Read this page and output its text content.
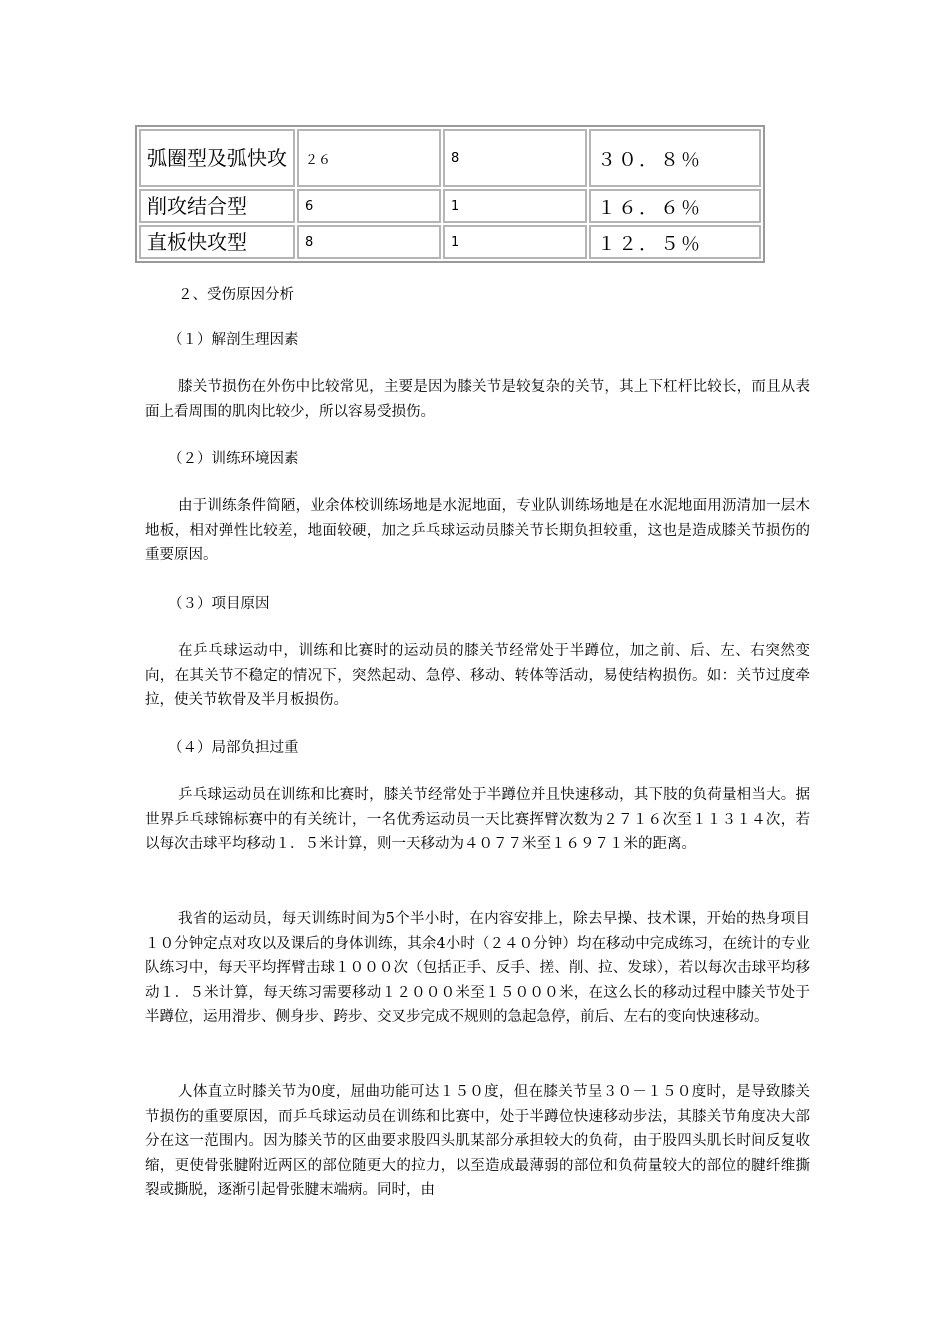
弧圈型及弧快攻	２６	8	３０．８％
削攻结合型	6	1	１６．６％
直板快攻型	8	1	１２．５％
２、受伤原因分析
（１）解剖生理因素
膝关节损伤在外伤中比较常见，主要是因为膝关节是较复杂的关节，其上下杠杆比较长，而且从表面上看周围的肌肉比较少，所以容易受损伤。
（２）训练环境因素
由于训练条件简陋，业余体校训练场地是水泥地面，专业队训练场地是在水泥地面用沥清加一层木地板，相对弹性比较差，地面较硬，加之乒乓球运动员膝关节长期负担较重，这也是造成膝关节损伤的重要原因。
（３）项目原因
在乒乓球运动中，训练和比赛时的运动员的膝关节经常处于半蹲位，加之前、后、左、右突然变向，在其关节不稳定的情况下，突然起动、急停、移动、转体等活动，易使结构损伤。如：关节过度牵拉，使关节软骨及半月板损伤。
（４）局部负担过重
乒乓球运动员在训练和比赛时，膝关节经常处于半蹲位并且快速移动，其下肢的负荷量相当大。据世界乒乓球锦标赛中的有关统计，一名优秀运动员一天比赛挥臂次数为２７１６次至１１３１４次，若以每次击球平均移动１．５米计算，则一天移动为４０７７米至１６９７１米的距离。
我省的运动员，每天训练时间为5个半小时，在内容安排上，除去早操、技术课，开始的热身项目１０分钟定点对攻以及课后的身体训练，其余4小时（２４０分钟）均在移动中完成练习，在统计的专业队练习中，每天平均挥臂击球１０００次（包括正手、反手、搓、削、拉、发球），若以每次击球平均移动１．５米计算，每天练习需要移动１２０００米至１５０００米，在这么长的移动过程中膝关节处于半蹲位，运用滑步、侧身步、跨步、交叉步完成不规则的急起急停，前后、左右的变向快速移动。
人体直立时膝关节为0度，屈曲功能可达１５０度，但在膝关节呈３０－１５０度时，是导致膝关节损伤的重要原因，而乒乓球运动员在训练和比赛中，处于半蹲位快速移动步法，其膝关节角度决大部分在这一范围内。因为膝关节的区曲要求股四头肌某部分承担较大的负荷，由于股四头肌长时间反复收缩，更使骨张腱附近两区的部位随更大的拉力，以至造成最薄弱的部位和负荷量较大的部位的腱纤维撕裂或撕脱，逐渐引起骨张腱末端病。同时，由
